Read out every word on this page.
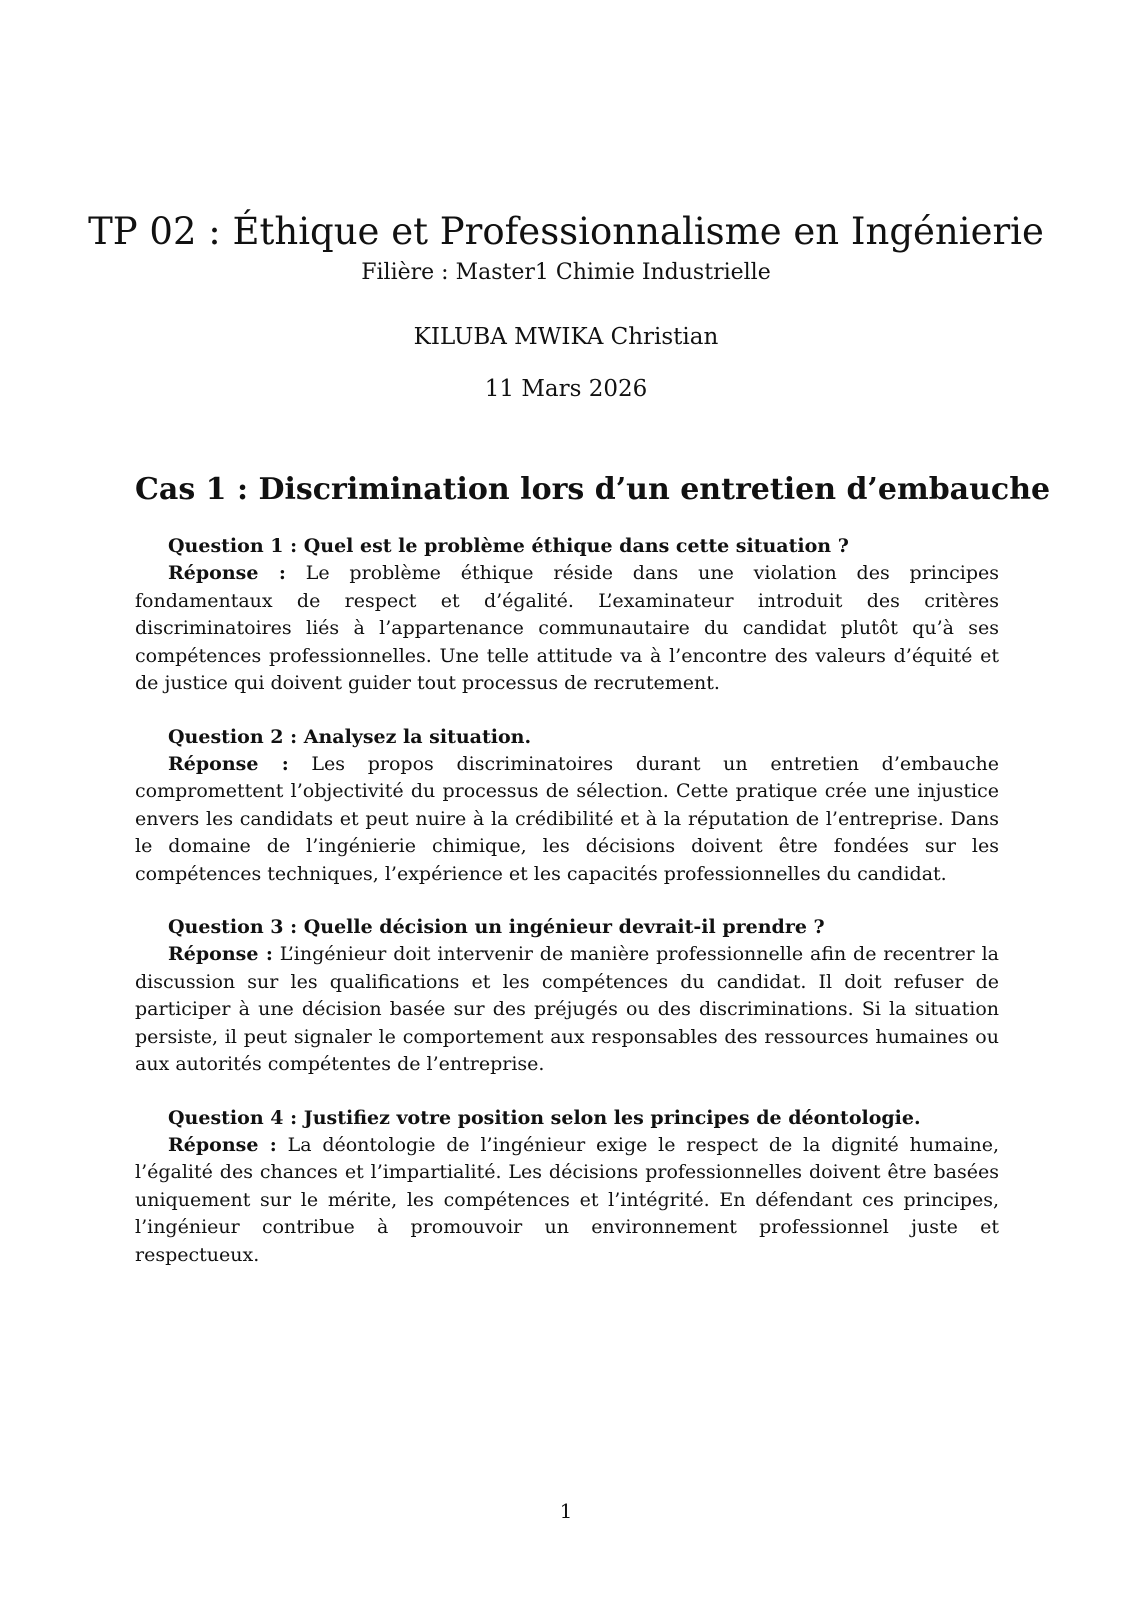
TP 02 : Éthique et Professionnalisme en Ingénierie
Filière : Master1 Chimie Industrielle
KILUBA MWIKA Christian
11 Mars 2026
Cas 1 : Discrimination lors d’un entretien d’embauche
Question 1 : Quel est le problème éthique dans cette situation ?

Réponse : Le problème éthique réside dans une violation des principes fondamentaux de respect et d’égalité. L’examinateur introduit des critères discriminatoires liés à l’appartenance communautaire du candidat plutôt qu’à ses compétences professionnelles. Une telle attitude va à l’encontre des valeurs d’équité et de justice qui doivent guider tout processus de recrutement.

Question 2 : Analysez la situation.

Réponse : Les propos discriminatoires durant un entretien d’embauche compromettent l’objectivité du processus de sélection. Cette pratique crée une injustice envers les candidats et peut nuire à la crédibilité et à la réputation de l’entreprise. Dans le domaine de l’ingénierie chimique, les décisions doivent être fondées sur les compétences techniques, l’expérience et les capacités professionnelles du candidat.

Question 3 : Quelle décision un ingénieur devrait-il prendre ?

Réponse : L’ingénieur doit intervenir de manière professionnelle afin de recentrer la discussion sur les qualifications et les compétences du candidat. Il doit refuser de participer à une décision basée sur des préjugés ou des discriminations. Si la situation persiste, il peut signaler le comportement aux responsables des ressources humaines ou aux autorités compétentes de l’entreprise.

Question 4 : Justifiez votre position selon les principes de déontologie.

Réponse : La déontologie de l’ingénieur exige le respect de la dignité humaine, l’égalité des chances et l’impartialité. Les décisions professionnelles doivent être basées uniquement sur le mérite, les compétences et l’intégrité. En défendant ces principes, l’ingénieur contribue à promouvoir un environnement professionnel juste et respectueux.

1
